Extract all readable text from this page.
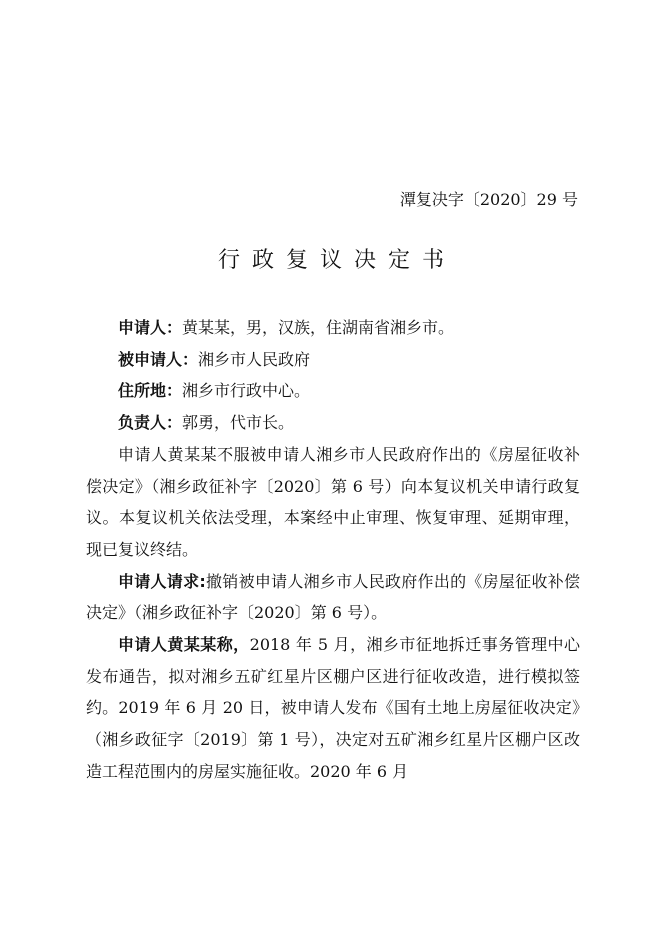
潭复决字〔2020〕29 号
行政复议决定书

申请人：黄某某，男，汉族，住湖南省湘乡市。

被申请人：湘乡市人民政府

住所地：湘乡市行政中心。

负责人：郭勇，代市长。

申请人黄某某不服被申请人湘乡市人民政府作出的《房屋征收补偿决定》（湘乡政征补字〔2020〕第 6 号）向本复议机关申请行政复议。本复议机关依法受理，本案经中止审理、恢复审理、延期审理，现已复议终结。

申请人请求:撤销被申请人湘乡市人民政府作出的《房屋征收补偿决定》（湘乡政征补字〔2020〕第 6 号）。

申请人黄某某称，2018 年 5 月，湘乡市征地拆迁事务管理中心发布通告，拟对湘乡五矿红星片区棚户区进行征收改造，进行模拟签约。2019 年 6 月 20 日，被申请人发布《国有土地上房屋征收决定》（湘乡政征字〔2019〕第 1 号），决定对五矿湘乡红星片区棚户区改造工程范围内的房屋实施征收。2020 年 6 月
